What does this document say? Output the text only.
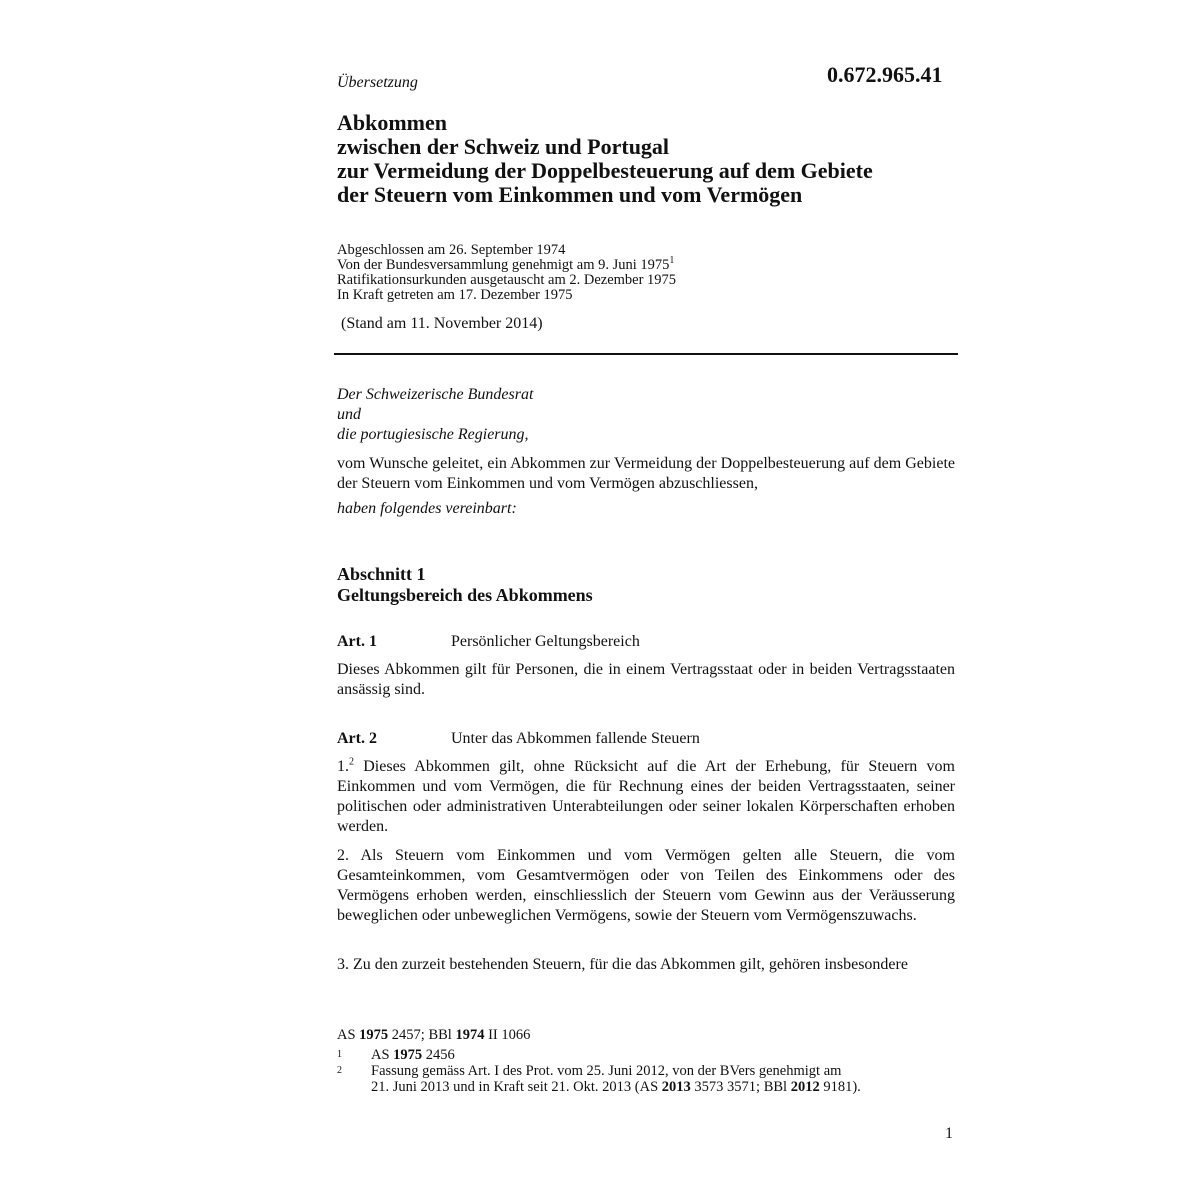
Übersetzung	0.672.965.41
Abkommen
zwischen der Schweiz und Portugal
zur Vermeidung der Doppelbesteuerung auf dem Gebiete
der Steuern vom Einkommen und vom Vermögen
Abgeschlossen am 26. September 1974
Von der Bundesversammlung genehmigt am 9. Juni 1975$^1$
Ratifikationsurkunden ausgetauscht am 2. Dezember 1975
In Kraft getreten am 17. Dezember 1975
(Stand am 11. November 2014)
Der Schweizerische Bundesrat
und
die portugiesische Regierung,
vom Wunsche geleitet, ein Abkommen zur Vermeidung der Doppelbesteuerung auf dem Gebiete der Steuern vom Einkommen und vom Vermögen abzuschliessen,
haben folgendes vereinbart:
Abschnitt 1
Geltungsbereich des Abkommens
Art. 1	Persönlicher Geltungsbereich
Dieses Abkommen gilt für Personen, die in einem Vertragsstaat oder in beiden Vertragsstaaten ansässig sind.
Art. 2	Unter das Abkommen fallende Steuern
1.$^2$ Dieses Abkommen gilt, ohne Rücksicht auf die Art der Erhebung, für Steuern vom Einkommen und vom Vermögen, die für Rechnung eines der beiden Vertragsstaaten, seiner politischen oder administrativen Unterabteilungen oder seiner lokalen Körperschaften erhoben werden.
2. Als Steuern vom Einkommen und vom Vermögen gelten alle Steuern, die vom Gesamteinkommen, vom Gesamtvermögen oder von Teilen des Einkommens oder des Vermögens erhoben werden, einschliesslich der Steuern vom Gewinn aus der Veräusserung beweglichen oder unbeweglichen Vermögens, sowie der Steuern vom Vermögenszuwachs.
3. Zu den zurzeit bestehenden Steuern, für die das Abkommen gilt, gehören insbesondere
AS 1975 2457; BBl 1974 II 1066
1	AS 1975 2456
2	Fassung gemäss Art. I des Prot. vom 25. Juni 2012, von der BVers genehmigt am
21. Juni 2013 und in Kraft seit 21. Okt. 2013 (AS 2013 3573 3571; BBl 2012 9181).
1
